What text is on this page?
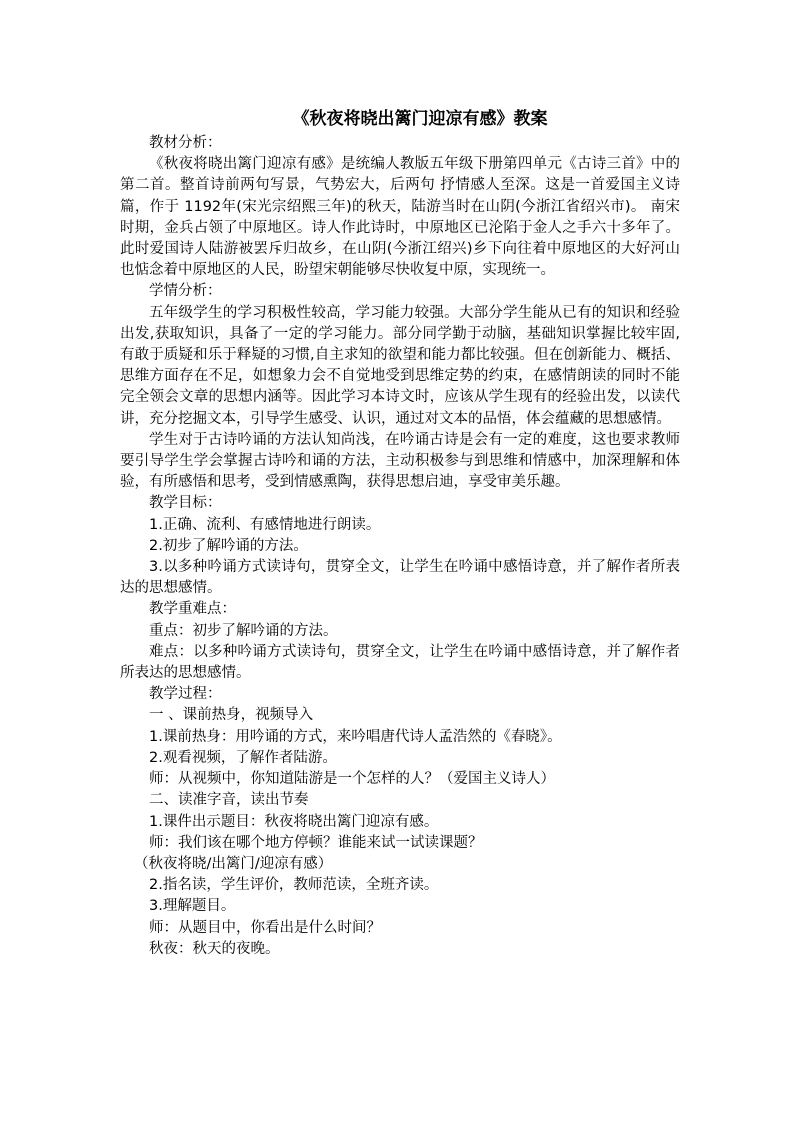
《秋夜将晓出篱门迎凉有感》教案

教材分析：

《秋夜将晓出篱门迎凉有感》是统编人教版五年级下册第四单元《古诗三首》中的第二首。整首诗前两句写景，气势宏大，后两句 抒情感人至深。这是一首爱国主义诗篇，作于 1192年(宋光宗绍熙三年)的秋天，陆游当时在山阴(今浙江省绍兴市)。 南宋时期，金兵占领了中原地区。诗人作此诗时，中原地区已沦陷于金人之手六十多年了。此时爱国诗人陆游被罢斥归故乡，在山阴(今浙江绍兴)乡下向往着中原地区的大好河山也惦念着中原地区的人民，盼望宋朝能够尽快收复中原，实现统一。

学情分析：

五年级学生的学习积极性较高，学习能力较强。大部分学生能从已有的知识和经验出发,获取知识，具备了一定的学习能力。部分同学勤于动脑，基础知识掌握比较牢固,有敢于质疑和乐于释疑的习惯,自主求知的欲望和能力都比较强。但在创新能力、概括、思维方面存在不足，如想象力会不自觉地受到思维定势的约束，在感情朗读的同时不能完全领会文章的思想内涵等。因此学习本诗文时，应该从学生现有的经验出发，以读代讲，充分挖掘文本，引导学生感受、认识，通过对文本的品悟，体会蕴藏的思想感情。

学生对于古诗吟诵的方法认知尚浅，在吟诵古诗是会有一定的难度，这也要求教师要引导学生学会掌握古诗吟和诵的方法，主动积极参与到思维和情感中，加深理解和体验，有所感悟和思考，受到情感熏陶，获得思想启迪，享受审美乐趣。

教学目标：

1.正确、流利、有感情地进行朗读。

2.初步了解吟诵的方法。

3.以多种吟诵方式读诗句，贯穿全文，让学生在吟诵中感悟诗意，并了解作者所表达的思想感情。

教学重难点：

重点：初步了解吟诵的方法。

难点：以多种吟诵方式读诗句，贯穿全文，让学生在吟诵中感悟诗意，并了解作者所表达的思想感情。

教学过程：

一 、课前热身，视频导入

1.课前热身：用吟诵的方式，来吟唱唐代诗人孟浩然的《春晓》。

2.观看视频，了解作者陆游。

师：从视频中，你知道陆游是一个怎样的人？（爱国主义诗人）

二、读准字音，读出节奏

1.课件出示题目：秋夜将晓出篱门迎凉有感。

师：我们该在哪个地方停顿？谁能来试一试读课题？

（秋夜将晓/出篱门/迎凉有感）

2.指名读，学生评价，教师范读，全班齐读。

3.理解题目。

师：从题目中，你看出是什么时间？

秋夜：秋天的夜晚。
